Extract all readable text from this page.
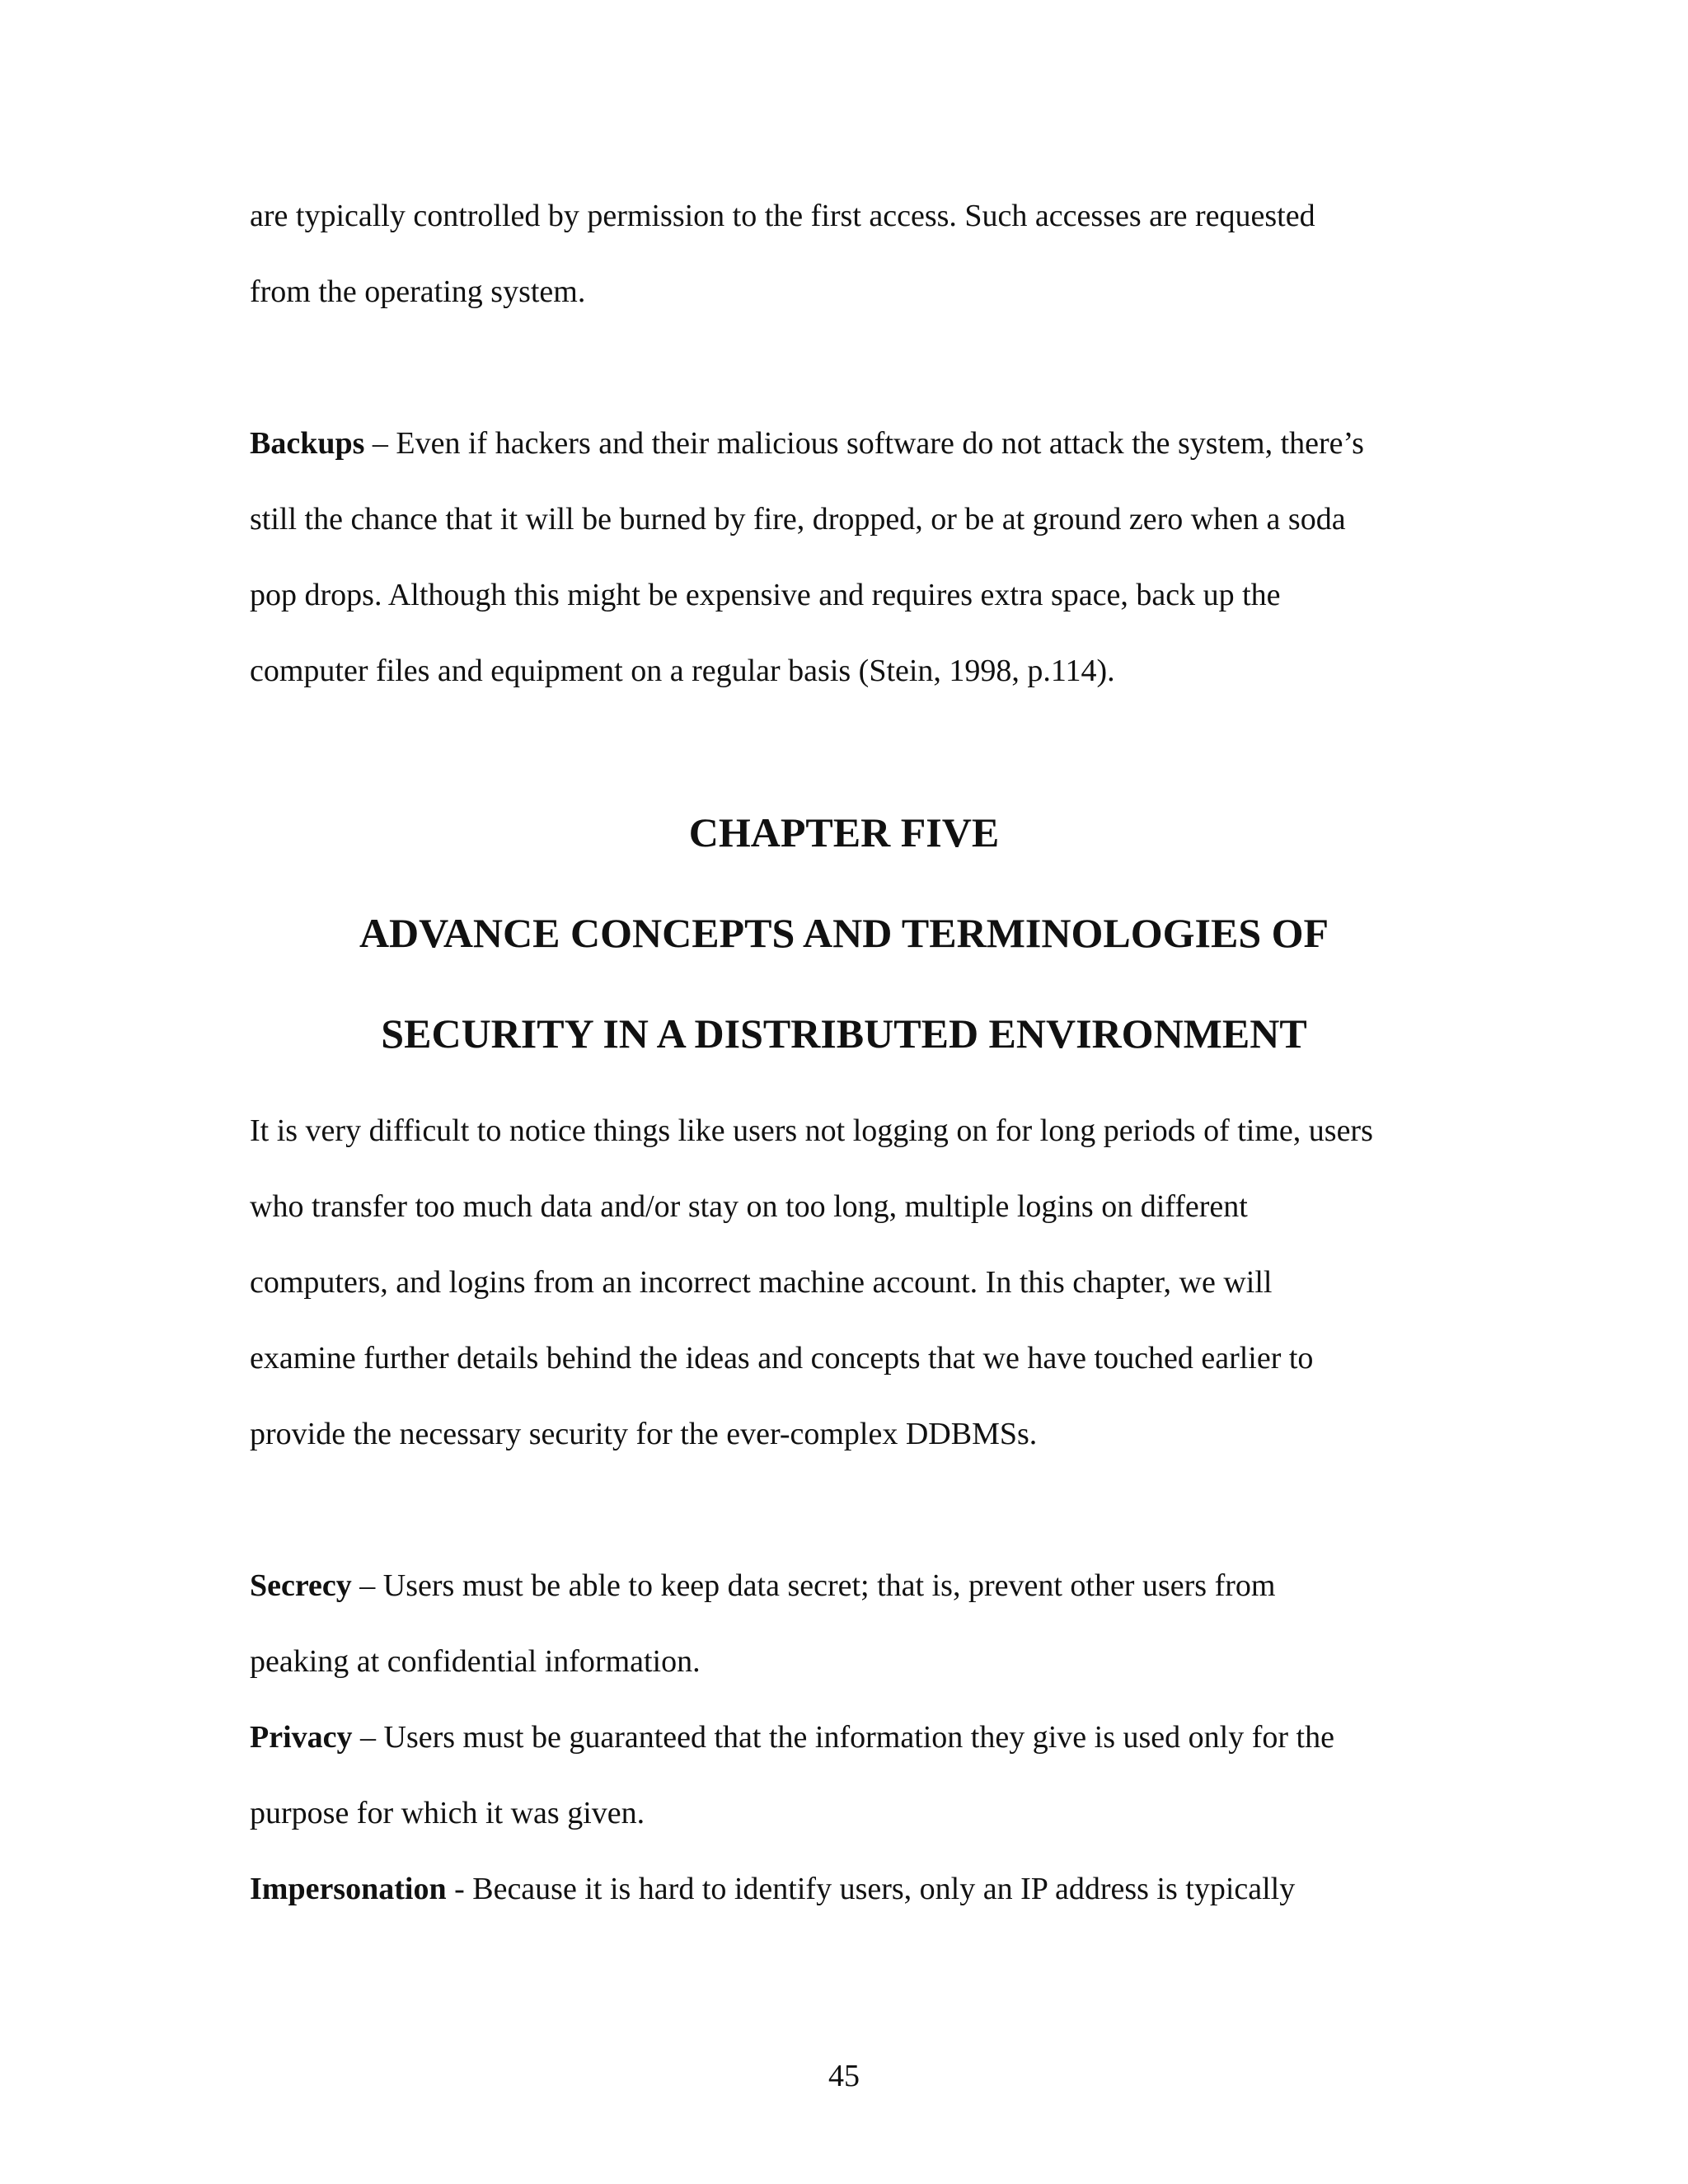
are typically controlled by permission to the first access. Such accesses are requested

from the operating system.

Backups – Even if hackers and their malicious software do not attack the system, there’s

still the chance that it will be burned by fire, dropped, or be at ground zero when a soda

pop drops. Although this might be expensive and requires extra space, back up the

computer files and equipment on a regular basis (Stein, 1998, p.114).

CHAPTER FIVE
ADVANCE CONCEPTS AND TERMINOLOGIES OF
SECURITY IN A DISTRIBUTED ENVIRONMENT

It is very difficult to notice things like users not logging on for long periods of time, users

who transfer too much data and/or stay on too long, multiple logins on different

computers, and logins from an incorrect machine account. In this chapter, we will

examine further details behind the ideas and concepts that we have touched earlier to

provide the necessary security for the ever-complex DDBMSs.

Secrecy – Users must be able to keep data secret; that is, prevent other users from

peaking at confidential information.

Privacy – Users must be guaranteed that the information they give is used only for the

purpose for which it was given.

Impersonation - Because it is hard to identify users, only an IP address is typically

45
